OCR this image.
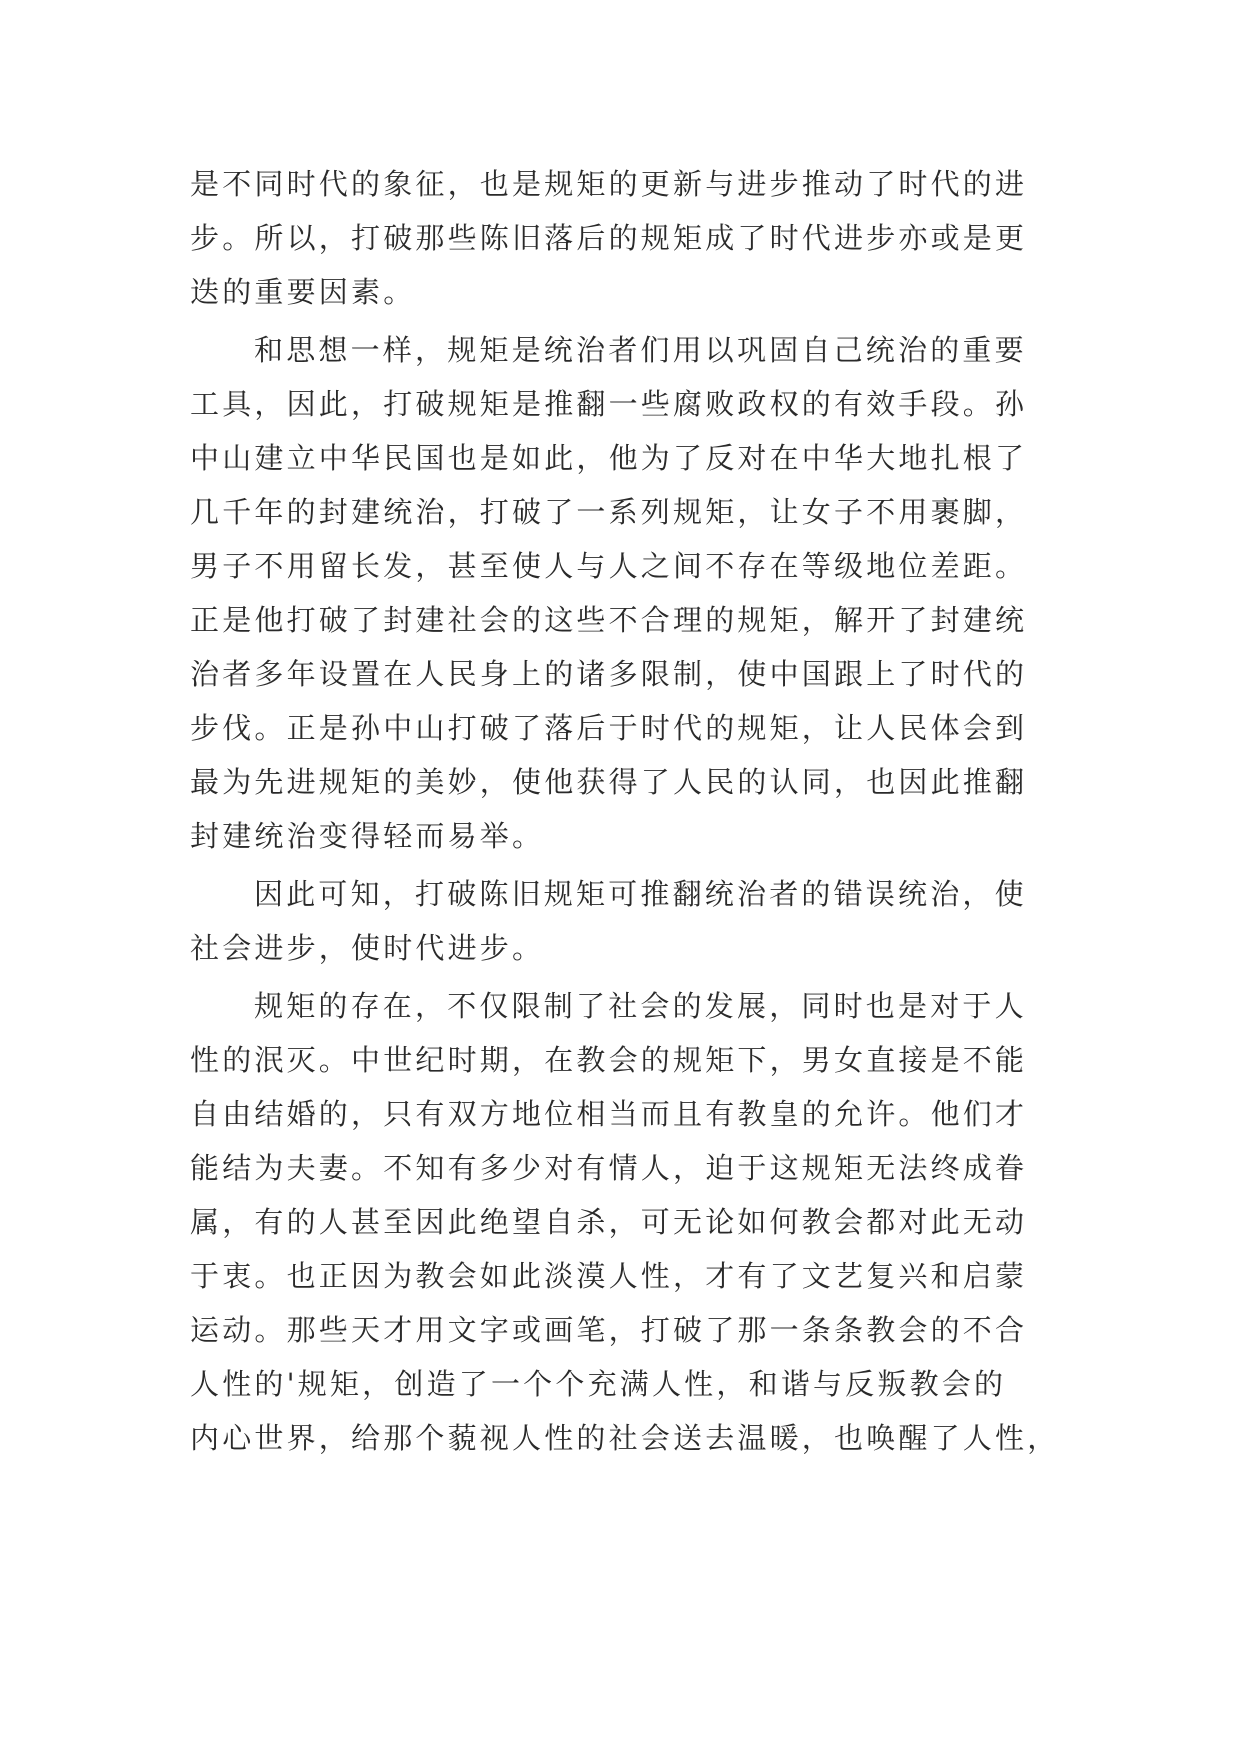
是不同时代的象征，也是规矩的更新与进步推动了时代的进
步。所以，打破那些陈旧落后的规矩成了时代进步亦或是更
迭的重要因素。
和思想一样，规矩是统治者们用以巩固自己统治的重要
工具，因此，打破规矩是推翻一些腐败政权的有效手段。孙
中山建立中华民国也是如此，他为了反对在中华大地扎根了
几千年的封建统治，打破了一系列规矩，让女子不用裹脚，
男子不用留长发，甚至使人与人之间不存在等级地位差距。
正是他打破了封建社会的这些不合理的规矩，解开了封建统
治者多年设置在人民身上的诸多限制，使中国跟上了时代的
步伐。正是孙中山打破了落后于时代的规矩，让人民体会到
最为先进规矩的美妙，使他获得了人民的认同，也因此推翻
封建统治变得轻而易举。
因此可知，打破陈旧规矩可推翻统治者的错误统治，使
社会进步，使时代进步。
规矩的存在，不仅限制了社会的发展，同时也是对于人
性的泯灭。中世纪时期，在教会的规矩下，男女直接是不能
自由结婚的，只有双方地位相当而且有教皇的允许。他们才
能结为夫妻。不知有多少对有情人，迫于这规矩无法终成眷
属，有的人甚至因此绝望自杀，可无论如何教会都对此无动
于衷。也正因为教会如此淡漠人性，才有了文艺复兴和启蒙
运动。那些天才用文字或画笔，打破了那一条条教会的不合
人性的'规矩，创造了一个个充满人性，和谐与反叛教会的
内心世界，给那个藐视人性的社会送去温暖，也唤醒了人性，
